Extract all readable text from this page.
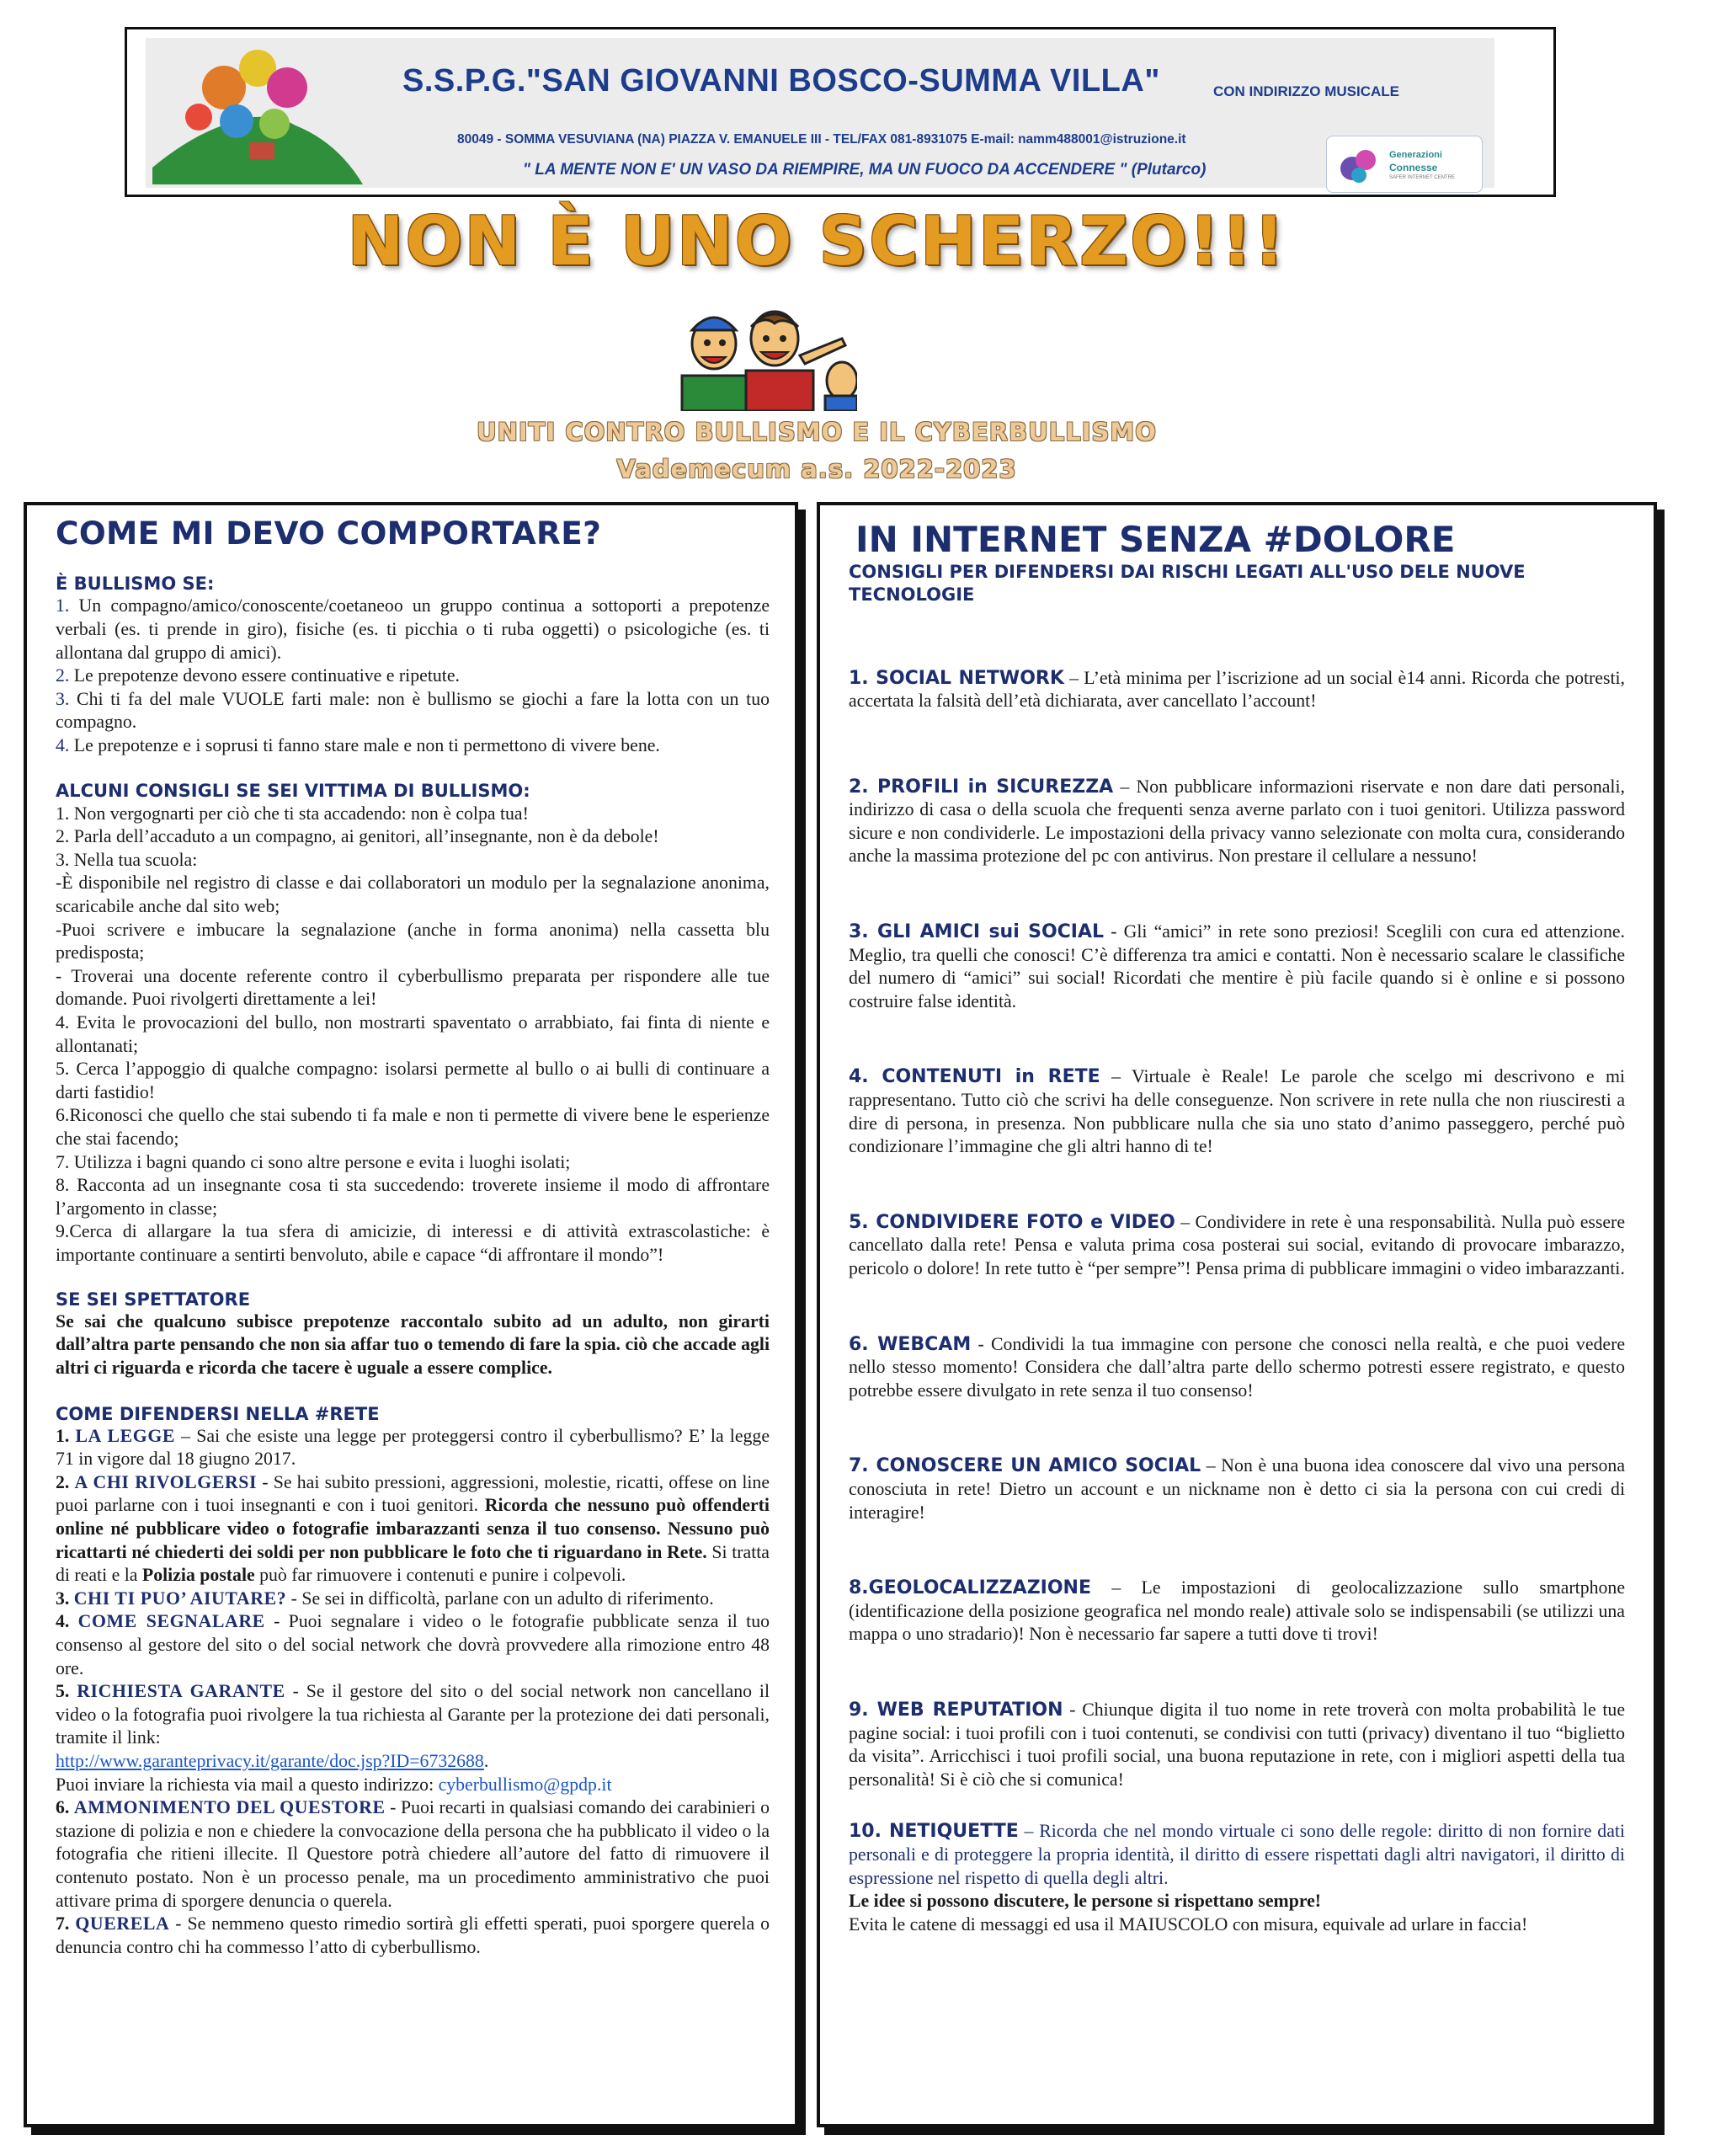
S.S.P.G."SAN GIOVANNI BOSCO-SUMMA VILLA"	CON INDIRIZZO MUSICALE
80049 - SOMMA VESUVIANA (NA) PIAZZA V. EMANUELE III - TEL/FAX 081-8931075 E-mail: namm488001@istruzione.it
" LA MENTE NON E' UN VASO DA RIEMPIRE, MA UN FUOCO DA ACCENDERE " (Plutarco)
Generazioni
Connesse
SAFER INTERNET CENTRE
NON È UNO SCHERZO!!!
UNITI CONTRO BULLISMO E IL CYBERBULLISMO
Vademecum a.s. 2022-2023
COME MI DEVO COMPORTARE?
È BULLISMO SE:

1. Un compagno/amico/conoscente/coetaneoo un gruppo continua a sottoporti a prepotenze verbali (es. ti prende in giro), fisiche (es. ti picchia o ti ruba oggetti) o psicologiche (es. ti allontana dal gruppo di amici).

2. Le prepotenze devono essere continuative e ripetute.

3. Chi ti fa del male VUOLE farti male: non è bullismo se giochi a fare la lotta con un tuo compagno.

4. Le prepotenze e i soprusi ti fanno stare male e non ti permettono di vivere bene.

ALCUNI CONSIGLI SE SEI VITTIMA DI BULLISMO:

1. Non vergognarti per ciò che ti sta accadendo: non è colpa tua!

2. Parla dell’accaduto a un compagno, ai genitori, all’insegnante, non è da debole!

3. Nella tua scuola:

-È disponibile nel registro di classe e dai collaboratori un modulo per la segnalazione anonima, scaricabile anche dal sito web;

-Puoi scrivere e imbucare la segnalazione (anche in forma anonima) nella cassetta blu predisposta;

- Troverai una docente referente contro il cyberbullismo preparata per rispondere alle tue domande. Puoi rivolgerti direttamente a lei!

4. Evita le provocazioni del bullo, non mostrarti spaventato o arrabbiato, fai finta di niente e allontanati;

5. Cerca l’appoggio di qualche compagno: isolarsi permette al bullo o ai bulli di continuare a darti fastidio!

6.Riconosci che quello che stai subendo ti fa male e non ti permette di vivere bene le esperienze che stai facendo;

7. Utilizza i bagni quando ci sono altre persone e evita i luoghi isolati;

8. Racconta ad un insegnante cosa ti sta succedendo: troverete insieme il modo di affrontare l’argomento in classe;

9.Cerca di allargare la tua sfera di amicizie, di interessi e di attività extrascolastiche: è importante continuare a sentirti benvoluto, abile e capace “di affrontare il mondo”!

SE SEI SPETTATORE
Se sai che qualcuno subisce prepotenze raccontalo subito ad un adulto, non girarti dall’altra parte pensando che non sia affar tuo o temendo di fare la spia. ciò che accade agli altri ci riguarda e ricorda che tacere è uguale a essere complice.
COME DIFENDERSI NELLA #RETE

1. LA LEGGE – Sai che esiste una legge per proteggersi contro il cyberbullismo? E’ la legge 71 in vigore dal 18 giugno 2017.

2. A CHI RIVOLGERSI - Se hai subito pressioni, aggressioni, molestie, ricatti, offese on line puoi parlarne con i tuoi insegnanti e con i tuoi genitori. Ricorda che nessuno può offenderti online né pubblicare video o fotografie imbarazzanti senza il tuo consenso. Nessuno può ricattarti né chiederti dei soldi per non pubblicare le foto che ti riguardano in Rete. Si tratta di reati e la Polizia postale può far rimuovere i contenuti e punire i colpevoli.

3. CHI TI PUO’ AIUTARE? - Se sei in difficoltà, parlane con un adulto di riferimento.

4. COME SEGNALARE - Puoi segnalare i video o le fotografie pubblicate senza il tuo consenso al gestore del sito o del social network che dovrà provvedere alla rimozione entro 48 ore.

5. RICHIESTA GARANTE - Se il gestore del sito o del social network non cancellano il video o la fotografia puoi rivolgere la tua richiesta al Garante per la protezione dei dati personali, tramite il link:

http://www.garanteprivacy.it/garante/doc.jsp?ID=6732688.

Puoi inviare la richiesta via mail a questo indirizzo: cyberbullismo@gpdp.it

6. AMMONIMENTO DEL QUESTORE - Puoi recarti in qualsiasi comando dei carabinieri o stazione di polizia e non e chiedere la convocazione della persona che ha pubblicato il video o la fotografia che ritieni illecite. Il Questore potrà chiedere all’autore del fatto di rimuovere il contenuto postato. Non è un processo penale, ma un procedimento amministrativo che puoi attivare prima di sporgere denuncia o querela.

7. QUERELA - Se nemmeno questo rimedio sortirà gli effetti sperati, puoi sporgere querela o denuncia contro chi ha commesso l’atto di cyberbullismo.

IN INTERNET SENZA #DOLORE
CONSIGLI PER DIFENDERSI DAI RISCHI LEGATI ALL'USO DELE NUOVE TECNOLOGIE
1. SOCIAL NETWORK – L’età minima per l’iscrizione ad un social è14 anni. Ricorda che potresti, accertata la falsità dell’età dichiarata, aver cancellato l’account!
2. PROFILI in SICUREZZA – Non pubblicare informazioni riservate e non dare dati personali, indirizzo di casa o della scuola che frequenti senza averne parlato con i tuoi genitori. Utilizza password sicure e non condividerle. Le impostazioni della privacy vanno selezionate con molta cura, considerando anche la massima protezione del pc con antivirus. Non prestare il cellulare a nessuno!
3. GLI AMICI sui SOCIAL - Gli “amici” in rete sono preziosi! Sceglili con cura ed attenzione. Meglio, tra quelli che conosci! C’è differenza tra amici e contatti. Non è necessario scalare le classifiche del numero di “amici” sui social! Ricordati che mentire è più facile quando si è online e si possono costruire false identità.
4. CONTENUTI in RETE – Virtuale è Reale! Le parole che scelgo mi descrivono e mi rappresentano. Tutto ciò che scrivi ha delle conseguenze. Non scrivere in rete nulla che non riusciresti a dire di persona, in presenza. Non pubblicare nulla che sia uno stato d’animo passeggero, perché può condizionare l’immagine che gli altri hanno di te!
5. CONDIVIDERE FOTO e VIDEO – Condividere in rete è una responsabilità. Nulla può essere cancellato dalla rete! Pensa e valuta prima cosa posterai sui social, evitando di provocare imbarazzo, pericolo o dolore! In rete tutto è “per sempre”! Pensa prima di pubblicare immagini o video imbarazzanti.
6. WEBCAM - Condividi la tua immagine con persone che conosci nella realtà, e che puoi vedere nello stesso momento! Considera che dall’altra parte dello schermo potresti essere registrato, e questo potrebbe essere divulgato in rete senza il tuo consenso!
7. CONOSCERE UN AMICO SOCIAL – Non è una buona idea conoscere dal vivo una persona conosciuta in rete! Dietro un account e un nickname non è detto ci sia la persona con cui credi di interagire!
8.GEOLOCALIZZAZIONE – Le impostazioni di geolocalizzazione sullo smartphone (identificazione della posizione geografica nel mondo reale) attivale solo se indispensabili (se utilizzi una mappa o uno stradario)! Non è necessario far sapere a tutti dove ti trovi!
9. WEB REPUTATION - Chiunque digita il tuo nome in rete troverà con molta probabilità le tue pagine social: i tuoi profili con i tuoi contenuti, se condivisi con tutti (privacy) diventano il tuo “biglietto da visita”. Arricchisci i tuoi profili social, una buona reputazione in rete, con i migliori aspetti della tua personalità! Si è ciò che si comunica!
10. NETIQUETTE – Ricorda che nel mondo virtuale ci sono delle regole: diritto di non fornire dati personali e di proteggere la propria identità, il diritto di essere rispettati dagli altri navigatori, il diritto di espressione nel rispetto di quella degli altri.

Le idee si possono discutere, le persone si rispettano sempre!

Evita le catene di messaggi ed usa il MAIUSCOLO con misura, equivale ad urlare in faccia!
